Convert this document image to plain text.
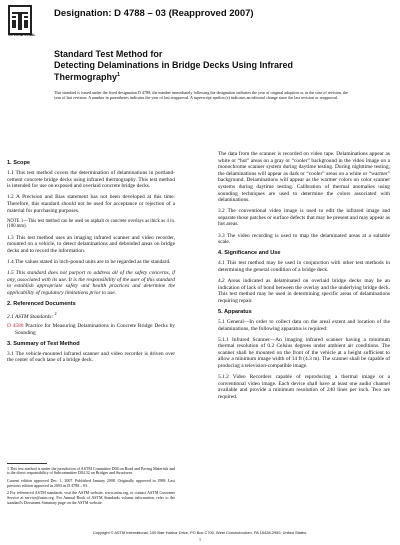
INTERNATIONAL
Designation: D 4788 – 03 (Reapproved 2007)
Standard Test Method for
Detecting Delaminations in Bridge Decks Using Infrared
Thermography$^1$
This standard is issued under the fixed designation D 4788; the number immediately following the designation indicates the year of original adoption or, in the case of revision, the year of last revision. A number in parentheses indicates the year of last reapproval. A superscript epsilon (ε) indicates an editorial change since the last revision or reapproval.
1. Scope

1.1 This test method covers the determination of delaminations in portland-cement concrete bridge decks using infrared thermography. This test method is intended for use on exposed and overlaid concrete bridge decks.

1.2 A Precision and Bias statement has not been developed at this time. Therefore, this standard should not be used for acceptance or rejection of a material for purchasing purposes.

NOTE 1—This test method can be used on asphalt or concrete overlays as thick as 4 in. (100 mm).

1.3 This test method uses an imaging infrared scanner and video recorder, mounted on a vehicle, to detect delaminations and debonded areas on bridge decks and to record the information.

1.4 The values stated in inch-pound units are to be regarded as the standard.

1.5 This standard does not purport to address all of the safety concerns, if any, associated with its use. It is the responsibility of the user of this standard to establish appropriate safety and health practices and determine the applicability of regulatory limitations prior to use.

2. Referenced Documents

2.1 ASTM Standards: $^2$

D 4580 Practice for Measuring Delaminations in Concrete Bridge Decks by Sounding

3. Summary of Test Method

3.1 The vehicle-mounted infrared scanner and video recorder is driven over the center of each lane of a bridge deck.

1 This test method is under the jurisdiction of ASTM Committee D04 on Road and Paving Materials and is the direct responsibility of Subcommittee D04.32 on Bridges and Structures.

Current edition approved Dec. 1, 2007. Published January 2008. Originally approved in 1988. Last previous edition approved in 2003 as D 4788 – 03.

2 For referenced ASTM standards, visit the ASTM website, www.astm.org, or contact ASTM Customer Service at service@astm.org. For Annual Book of ASTM Standards volume information, refer to the standard's Document Summary page on the ASTM website.

The data from the scanner is recorded on video tape. Delaminations appear as white or “hot” areas on a gray or “cooler” background in the video image on a monochrome scanner system during daytime testing. During nighttime testing, the delaminations will appear as dark or “cooler” areas on a white or “warmer” background. Delaminations will appear as the warmer colors on color scanner systems during daytime testing. Calibration of thermal anomalies using sounding techniques are used to determine the colors associated with delaminations.

3.2 The conventional video image is used to edit the infrared image and separate those patches or surface defects that may be present and may appear as hot areas.

3.3 The video recording is used to map the delaminated areas at a suitable scale.

4. Significance and Use

4.1 This test method may be used in conjunction with other test methods in determining the general condition of a bridge deck.

4.2 Areas indicated as delaminated on overlaid bridge decks may be an indication of lack of bond between the overlay and the underlying bridge deck. This test method may be used in determining specific areas of delaminations requiring repair.

5. Apparatus

5.1 General—In order to collect data on the areal extent and location of the delaminations, the following apparatus is required:

5.1.1 Infrared Scanner—An imaging infrared scanner having a minimum thermal resolution of 0.2 Celsius degrees under ambient air conditions. The scanner shall be mounted on the front of the vehicle at a height sufficient to allow a minimum image width of 14 ft (4.3 m). The scanner shall be capable of producing a television-compatible image.

5.1.2 Video Recorders capable of reproducing a thermal image or a conventional video image. Each device shall have at least one audio channel available and provide a minimum resolution of 240 lines per inch. Two are required.

Copyright © ASTM International, 100 Barr Harbor Drive, PO Box C700, West Conshohocken, PA 19428-2959, United States.
1
